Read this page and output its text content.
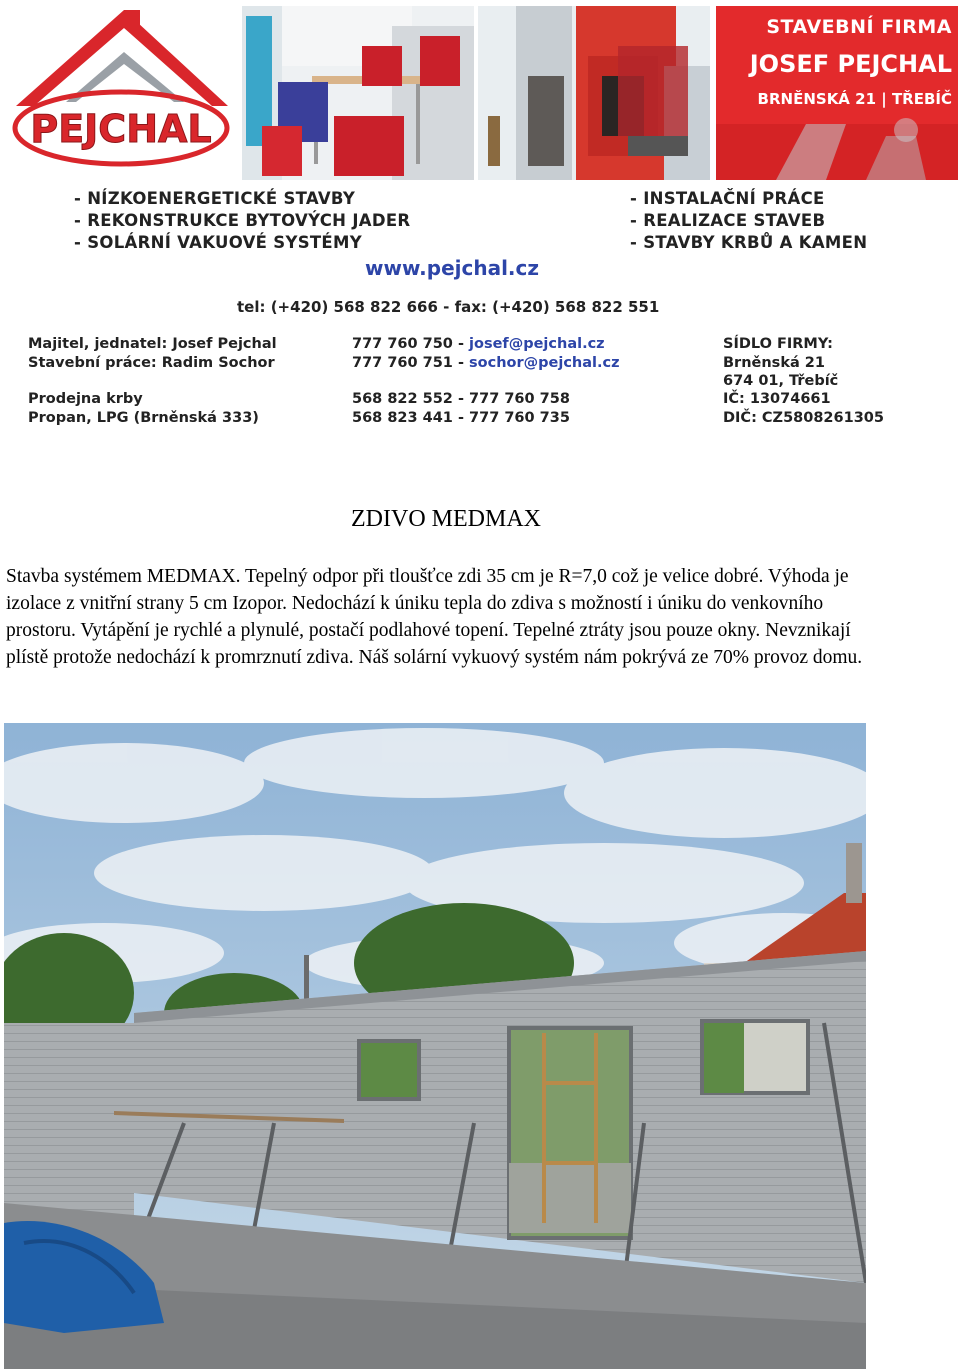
PEJCHAL
STAVEBNÍ FIRMA
JOSEF PEJCHAL
BRNĚNSKÁ 21 | TŘEBÍČ
- NÍZKOENERGETICKÉ STAVBY
- REKONSTRUKCE BYTOVÝCH JADER
- SOLÁRNÍ VAKUOVÉ SYSTÉMY
- INSTALAČNÍ PRÁCE
- REALIZACE STAVEB
- STAVBY KRBŮ A KAMEN
www.pejchal.cz
tel: (+420) 568 822 666 - fax: (+420) 568 822 551
Majitel, jednatel: Josef Pejchal	777 760 750 - josef@pejchal.cz
Stavební práce: Radim Sochor	777 760 751 - sochor@pejchal.cz
Prodejna krby	568 822 552 - 777 760 758
Propan, LPG (Brněnská 333)	568 823 441 - 777 760 735
SÍDLO FIRMY:
Brněnská 21
674 01, Třebíč
IČ: 13074661
DIČ: CZ5808261305
ZDIVO MEDMAX
Stavba systémem MEDMAX. Tepelný odpor při tloušťce zdi 35 cm je R=7,0 což je velice dobré. Výhoda je izolace z vnitřní strany 5 cm Izopor. Nedochází k úniku tepla do zdiva s možností i úniku do venkovního prostoru. Vytápění je rychlé a plynulé, postačí podlahové topení. Tepelné ztráty jsou pouze okny. Nevznikají plístě protože nedochází k promrznutí zdiva. Náš solární vykuový systém nám pokrývá ze 70% provoz domu.
